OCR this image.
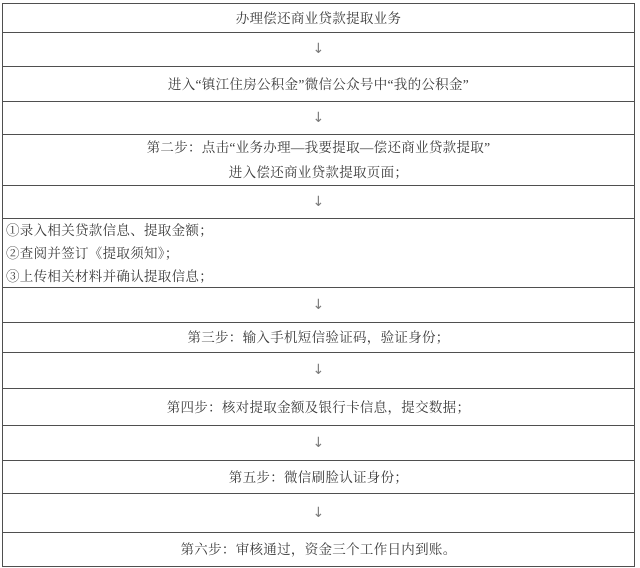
办理偿还商业贷款提取业务
↓
进入“镇江住房公积金”微信公众号中“我的公积金”
↓
第二步：点击“业务办理—我要提取—偿还商业贷款提取”
进入偿还商业贷款提取页面；
↓
①录入相关贷款信息、提取金额；
②查阅并签订《提取须知》；
③上传相关材料并确认提取信息；
↓
第三步：输入手机短信验证码，验证身份；
↓
第四步：核对提取金额及银行卡信息，提交数据；
↓
第五步：微信刷脸认证身份；
↓
第六步：审核通过，资金三个工作日内到账。
